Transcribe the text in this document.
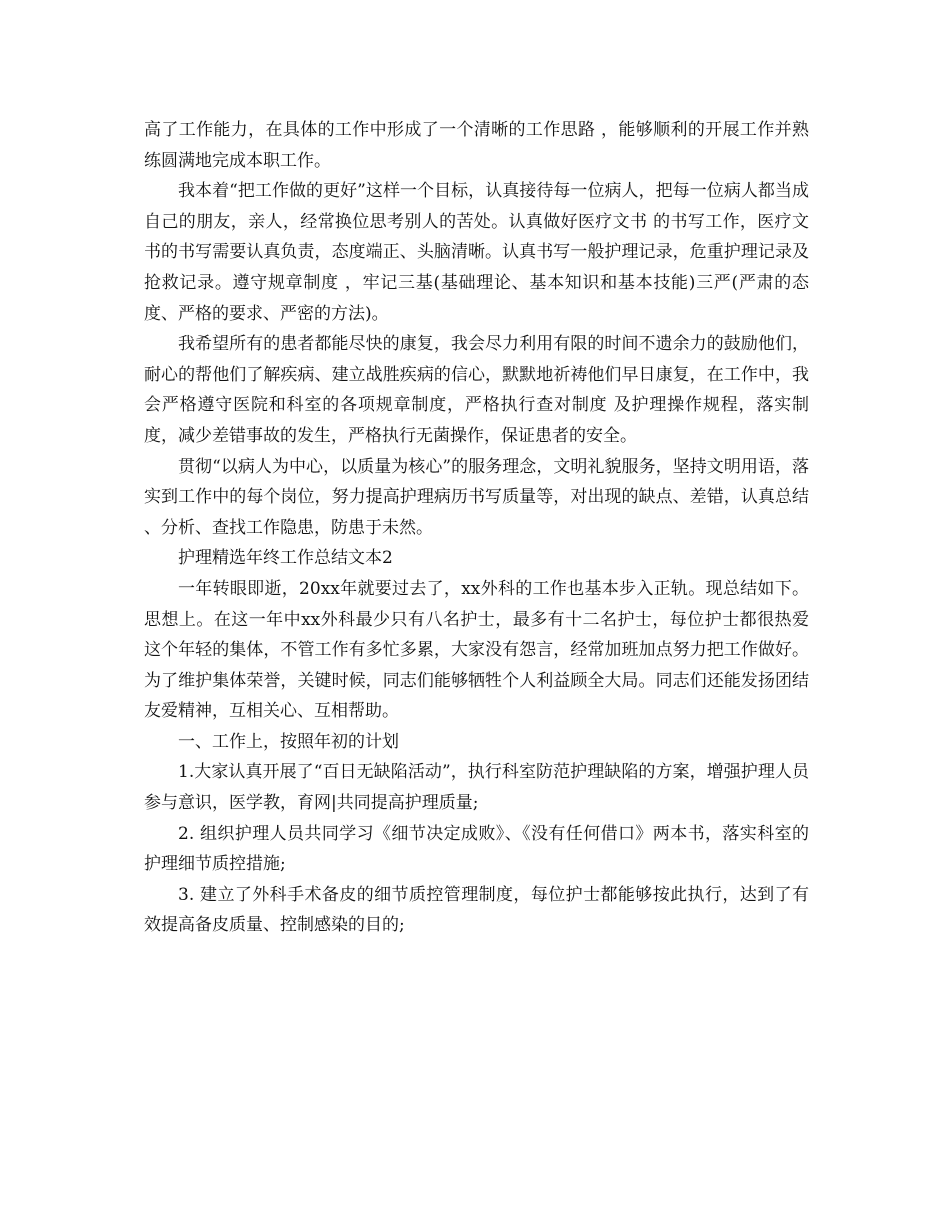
高了工作能力，在具体的工作中形成了一个清晰的工作思路 ，能够顺利的开展工作并熟练圆满地完成本职工作。

我本着“把工作做的更好”这样一个目标，认真接待每一位病人，把每一位病人都当成自己的朋友，亲人，经常换位思考别人的苦处。认真做好医疗文书 的书写工作，医疗文书的书写需要认真负责，态度端正、头脑清晰。认真书写一般护理记录，危重护理记录及抢救记录。遵守规章制度 ，牢记三基(基础理论、基本知识和基本技能)三严(严肃的态度、严格的要求、严密的方法)。

我希望所有的患者都能尽快的康复，我会尽力利用有限的时间不遗余力的鼓励他们，耐心的帮他们了解疾病、建立战胜疾病的信心，默默地祈祷他们早日康复，在工作中，我会严格遵守医院和科室的各项规章制度，严格执行查对制度 及护理操作规程，落实制度，减少差错事故的发生，严格执行无菌操作，保证患者的安全。

贯彻“以病人为中心，以质量为核心”的服务理念，文明礼貌服务，坚持文明用语，落实到工作中的每个岗位，努力提高护理病历书写质量等，对出现的缺点、差错，认真总结 、分析、查找工作隐患，防患于未然。

护理精选年终工作总结文本2

一年转眼即逝，20xx年就要过去了，xx外科的工作也基本步入正轨。现总结如下。思想上。在这一年中xx外科最少只有八名护士，最多有十二名护士，每位护士都很热爱这个年轻的集体，不管工作有多忙多累，大家没有怨言，经常加班加点努力把工作做好。为了维护集体荣誉，关键时候，同志们能够牺牲个人利益顾全大局。同志们还能发扬团结友爱精神，互相关心、互相帮助。

一、工作上，按照年初的计划

1.大家认真开展了“百日无缺陷活动”，执行科室防范护理缺陷的方案，增强护理人员参与意识，医学教，育网|共同提高护理质量;

2. 组织护理人员共同学习《细节决定成败》、《没有任何借口》两本书，落实科室的护理细节质控措施;

3. 建立了外科手术备皮的细节质控管理制度，每位护士都能够按此执行，达到了有效提高备皮质量、控制感染的目的;
